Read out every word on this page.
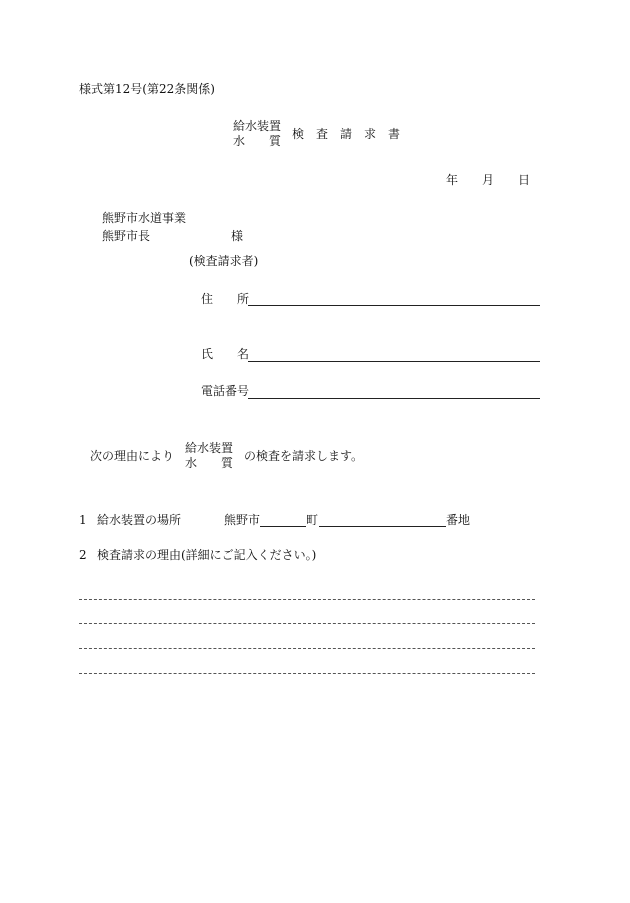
様式第12号(第22条関係)
給水装置
水　　質 検　査　請　求　書
年 月 日
熊野市水道事業
熊野市長	様
(検査請求者)
住　　所
氏　　名
電話番号
次の理由により
給水装置
水　　質 の検査を請求します。
1 給水装置の場所	熊野市	町	番地
2 検査請求の理由(詳細にご記入ください。)
